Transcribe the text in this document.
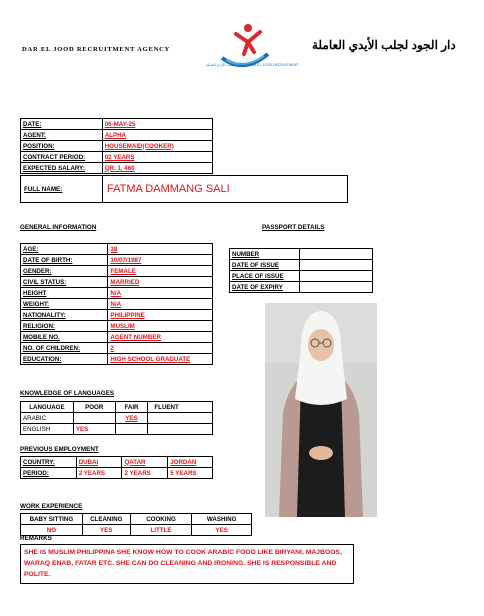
DAR EL JOOD RECRUITMENT AGENCY
دار الجود لجلب الأيدي العاملة DAR EL JOOD RECRUITMENT
دار الجود لجلب الأيدي العاملة
DATE:	06-MAY-25
AGENT:	ALPHA
POSITION:	HOUSEMAID(COOKER)
CONTRACT PERIOD:	02 YEARS
EXPECTED SALARY:	QR. 1, 460
FULL NAME:	FATMA DAMMANG SALI
GENERAL INFORMATION	PASSPORT DETAILS
AGE:	38
DATE OF BIRTH:	10/07/1987
GENDER:	FEMALE
CIVIL STATUS:	MARRIED
HEIGHT	N/A
WEIGHT:	N/A
NATIONALITY:	PHILIPPINE
RELIGION:	MUSLIM
MOBILE NO.	AGENT NUMBER
NO. OF CHILDREN:	2
EDUCATION:	HIGH SCHOOL GRADUATE
NUMBER	
DATE OF ISSUE	
PLACE OF ISSUE	
DATE OF EXPIRY	
KNOWLEDGE OF LANGUAGES
LANGUAGE	POOR	FAIR	FLUENT
ARABIC		YES	
ENGLISH	YES		
PREVIOUS EMPLOYMENT
COUNTRY:	DUBAI	QATAR	JORDAN
PERIOD:	2 YEARS	2 YEARS	5 YEARS
WORK EXPERIENCE
BABY SITTING	CLEANING	COOKING	WASHING
NO	YES	LITTLE	YES
REMARKS
SHE IS MUSLIM PHILIPPINA SHE KNOW HOW TO COOK ARABIC FOOD LIKE BIRYANI, MAJBOOS, WARAQ ENAB, FATAR ETC. SHE CAN DO CLEANING AND IRONING. SHE IS RESPONSIBLE AND POLITE.
